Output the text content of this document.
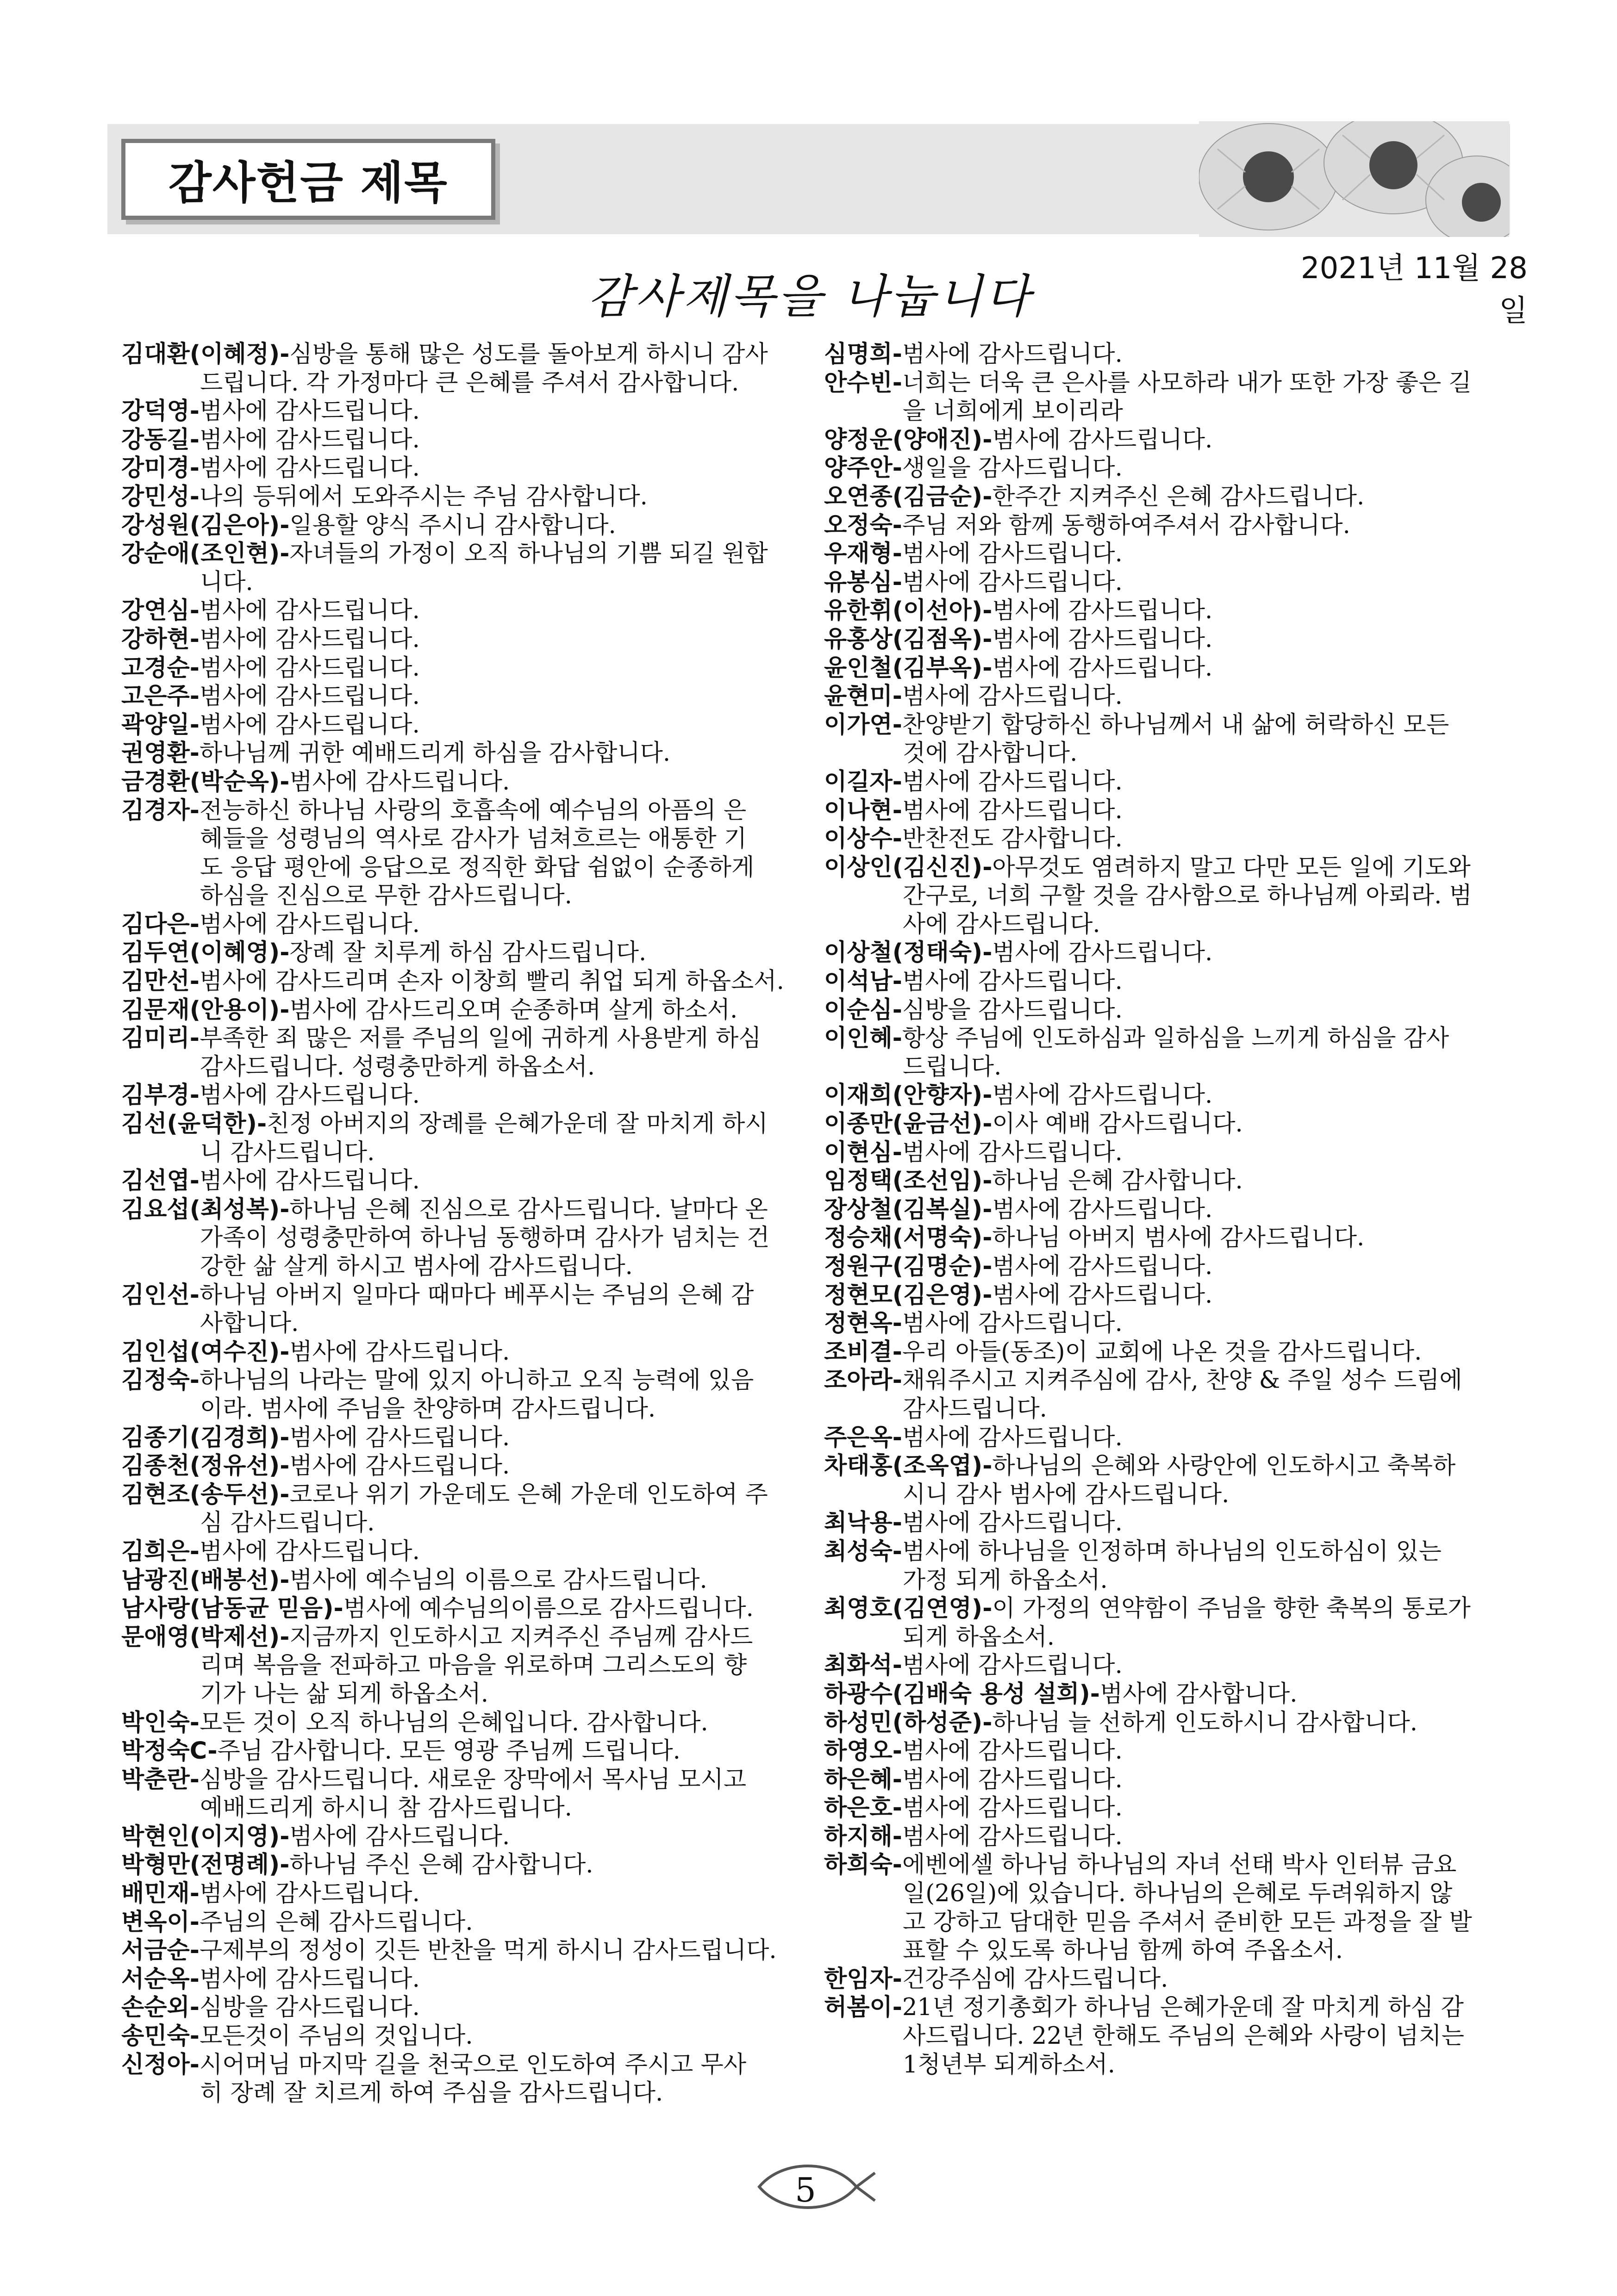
감사헌금 제목
2021년 11월 28일
감사제목을 나눕니다
김대환(이혜정)-심방을 통해 많은 성도를 돌아보게 하시니 감사
드립니다. 각 가정마다 큰 은혜를 주셔서 감사합니다.
강덕영-범사에 감사드립니다.
강동길-범사에 감사드립니다.
강미경-범사에 감사드립니다.
강민성-나의 등뒤에서 도와주시는 주님 감사합니다.
강성원(김은아)-일용할 양식 주시니 감사합니다.
강순애(조인현)-자녀들의 가정이 오직 하나님의 기쁨 되길 원합
니다.
강연심-범사에 감사드립니다.
강하현-범사에 감사드립니다.
고경순-범사에 감사드립니다.
고은주-범사에 감사드립니다.
곽양일-범사에 감사드립니다.
권영환-하나님께 귀한 예배드리게 하심을 감사합니다.
금경환(박순옥)-범사에 감사드립니다.
김경자-전능하신 하나님 사랑의 호흡속에 예수님의 아픔의 은
혜들을 성령님의 역사로 감사가 넘쳐흐르는 애통한 기
도 응답 평안에 응답으로 정직한 화답 쉼없이 순종하게
하심을 진심으로 무한 감사드립니다.
김다은-범사에 감사드립니다.
김두연(이혜영)-장례 잘 치루게 하심 감사드립니다.
김만선-범사에 감사드리며 손자 이창희 빨리 취업 되게 하옵소서.
김문재(안용이)-범사에 감사드리오며 순종하며 살게 하소서.
김미리-부족한 죄 많은 저를 주님의 일에 귀하게 사용받게 하심
감사드립니다. 성령충만하게 하옵소서.
김부경-범사에 감사드립니다.
김선(윤덕한)-친정 아버지의 장례를 은혜가운데 잘 마치게 하시
니 감사드립니다.
김선엽-범사에 감사드립니다.
김요섭(최성복)-하나님 은혜 진심으로 감사드립니다. 날마다 온
가족이 성령충만하여 하나님 동행하며 감사가 넘치는 건
강한 삶 살게 하시고 범사에 감사드립니다.
김인선-하나님 아버지 일마다 때마다 베푸시는 주님의 은혜 감
사합니다.
김인섭(여수진)-범사에 감사드립니다.
김정숙-하나님의 나라는 말에 있지 아니하고 오직 능력에 있음
이라. 범사에 주님을 찬양하며 감사드립니다.
김종기(김경희)-범사에 감사드립니다.
김종천(정유선)-범사에 감사드립니다.
김현조(송두선)-코로나 위기 가운데도 은혜 가운데 인도하여 주
심 감사드립니다.
김희은-범사에 감사드립니다.
남광진(배봉선)-범사에 예수님의 이름으로 감사드립니다.
남사랑(남동균 믿음)-범사에 예수님의이름으로 감사드립니다.
문애영(박제선)-지금까지 인도하시고 지켜주신 주님께 감사드
리며 복음을 전파하고 마음을 위로하며 그리스도의 향
기가 나는 삶 되게 하옵소서.
박인숙-모든 것이 오직 하나님의 은혜입니다. 감사합니다.
박정숙C-주님 감사합니다. 모든 영광 주님께 드립니다.
박춘란-심방을 감사드립니다. 새로운 장막에서 목사님 모시고
예배드리게 하시니 참 감사드립니다.
박현인(이지영)-범사에 감사드립니다.
박형만(전명례)-하나님 주신 은혜 감사합니다.
배민재-범사에 감사드립니다.
변옥이-주님의 은혜 감사드립니다.
서금순-구제부의 정성이 깃든 반찬을 먹게 하시니 감사드립니다.
서순옥-범사에 감사드립니다.
손순외-심방을 감사드립니다.
송민숙-모든것이 주님의 것입니다.
신정아-시어머님 마지막 길을 천국으로 인도하여 주시고 무사
히 장례 잘 치르게 하여 주심을 감사드립니다.
심명희-범사에 감사드립니다.
안수빈-너희는 더욱 큰 은사를 사모하라 내가 또한 가장 좋은 길
을 너희에게 보이리라
양정운(양애진)-범사에 감사드립니다.
양주안-생일을 감사드립니다.
오연종(김금순)-한주간 지켜주신 은혜 감사드립니다.
오정숙-주님 저와 함께 동행하여주셔서 감사합니다.
우재형-범사에 감사드립니다.
유봉심-범사에 감사드립니다.
유한휘(이선아)-범사에 감사드립니다.
유홍상(김점옥)-범사에 감사드립니다.
윤인철(김부옥)-범사에 감사드립니다.
윤현미-범사에 감사드립니다.
이가연-찬양받기 합당하신 하나님께서 내 삶에 허락하신 모든
것에 감사합니다.
이길자-범사에 감사드립니다.
이나현-범사에 감사드립니다.
이상수-반찬전도 감사합니다.
이상인(김신진)-아무것도 염려하지 말고 다만 모든 일에 기도와
간구로, 너희 구할 것을 감사함으로 하나님께 아뢰라. 범
사에 감사드립니다.
이상철(정태숙)-범사에 감사드립니다.
이석남-범사에 감사드립니다.
이순심-심방을 감사드립니다.
이인혜-항상 주님에 인도하심과 일하심을 느끼게 하심을 감사
드립니다.
이재희(안향자)-범사에 감사드립니다.
이종만(윤금선)-이사 예배 감사드립니다.
이현심-범사에 감사드립니다.
임정택(조선임)-하나님 은혜 감사합니다.
장상철(김복실)-범사에 감사드립니다.
정승채(서명숙)-하나님 아버지 범사에 감사드립니다.
정원구(김명순)-범사에 감사드립니다.
정현모(김은영)-범사에 감사드립니다.
정현옥-범사에 감사드립니다.
조비결-우리 아들(동조)이 교회에 나온 것을 감사드립니다.
조아라-채워주시고 지켜주심에 감사, 찬양 & 주일 성수 드림에
감사드립니다.
주은옥-범사에 감사드립니다.
차태홍(조옥엽)-하나님의 은혜와 사랑안에 인도하시고 축복하
시니 감사 범사에 감사드립니다.
최낙용-범사에 감사드립니다.
최성숙-범사에 하나님을 인정하며 하나님의 인도하심이 있는
가정 되게 하옵소서.
최영호(김연영)-이 가정의 연약함이 주님을 향한 축복의 통로가
되게 하옵소서.
최화석-범사에 감사드립니다.
하광수(김배숙 용성 설희)-범사에 감사합니다.
하성민(하성준)-하나님 늘 선하게 인도하시니 감사합니다.
하영오-범사에 감사드립니다.
하은혜-범사에 감사드립니다.
하은호-범사에 감사드립니다.
하지해-범사에 감사드립니다.
하희숙-에벤에셀 하나님 하나님의 자녀 선태 박사 인터뷰 금요
일(26일)에 있습니다. 하나님의 은혜로 두려워하지 않
고 강하고 담대한 믿음 주셔서 준비한 모든 과정을 잘 발
표할 수 있도록 하나님 함께 하여 주옵소서.
한임자-건강주심에 감사드립니다.
허봄이-21년 정기총회가 하나님 은혜가운데 잘 마치게 하심 감
사드립니다. 22년 한해도 주님의 은혜와 사랑이 넘치는
1청년부 되게하소서.
5
